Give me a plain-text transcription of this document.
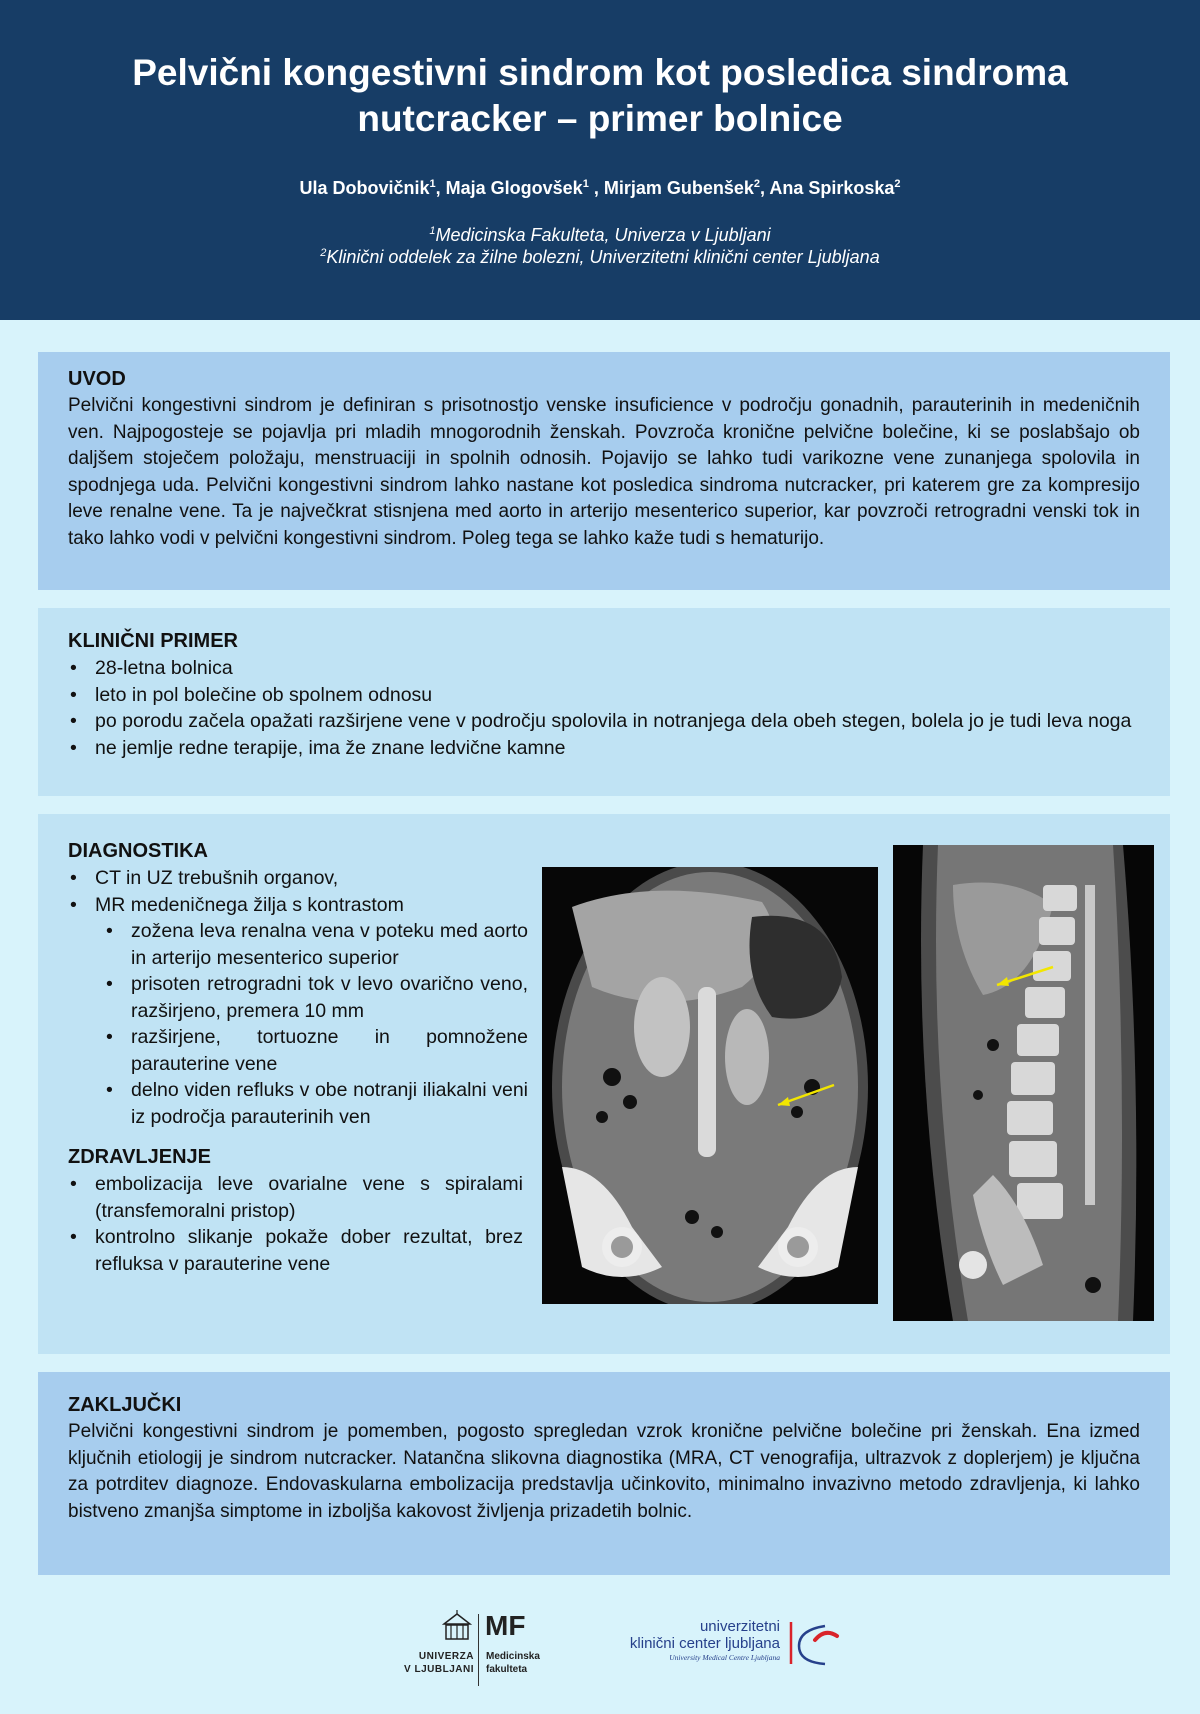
Pelvični kongestivni sindrom kot posledica sindroma
nutcracker – primer bolnice
Ula Dobovičnik$^1$, Maja Glogovšek$^1$ , Mirjam Gubenšek$^2$, Ana Spirkoska$^2$
$^1$Medicinska Fakulteta, Univerza v Ljubljani
$^2$Klinični oddelek za žilne bolezni, Univerzitetni klinični center Ljubljana
UVOD

Pelvični kongestivni sindrom je definiran s prisotnostjo venske insuficience v področju gonadnih, parauterinih in medeničnih ven. Najpogosteje se pojavlja pri mladih mnogorodnih ženskah. Povzroča kronične pelvične bolečine, ki se poslabšajo ob daljšem stoječem položaju, menstruaciji in spolnih odnosih. Pojavijo se lahko tudi varikozne vene zunanjega spolovila in spodnjega uda. Pelvični kongestivni sindrom lahko nastane kot posledica sindroma nutcracker, pri katerem gre za kompresijo leve renalne vene. Ta je največkrat stisnjena med aorto in arterijo mesenterico superior, kar povzroči retrogradni venski tok in tako lahko vodi v pelvični kongestivni sindrom. Poleg tega se lahko kaže tudi s hematurijo.

KLINIČNI PRIMER
• 28-letna bolnica
• leto in pol bolečine ob spolnem odnosu
• po porodu začela opažati razširjene vene v področju spolovila in notranjega dela obeh stegen, bolela jo je tudi leva noga
• ne jemlje redne terapije, ima že znane ledvične kamne
DIAGNOSTIKA
• CT in UZ trebušnih organov,
• MR medeničnega žilja s kontrastom
• zožena leva renalna vena v poteku med aorto in arterijo mesenterico superior
• prisoten retrogradni tok v levo ovarično veno, razširjeno, premera 10 mm
• razširjene, tortuozne in pomnožene parauterine vene
• delno viden refluks v obe notranji iliakalni veni iz področja parauterinih ven
ZDRAVLJENJE
• embolizacija leve ovarialne vene s spiralami (transfemoralni pristop)
• kontrolno slikanje pokaže dober rezultat, brez refluksa v parauterine vene
ZAKLJUČKI

Pelvični kongestivni sindrom je pomemben, pogosto spregledan vzrok kronične pelvične bolečine pri ženskah. Ena izmed ključnih etiologij je sindrom nutcracker. Natančna slikovna diagnostika (MRA, CT venografija, ultrazvok z doplerjem) je ključna za potrditev diagnoze. Endovaskularna embolizacija predstavlja učinkovito, minimalno invazivno metodo zdravljenja, ki lahko bistveno zmanjša simptome in izboljša kakovost življenja prizadetih bolnic.

UNIVERZA
V LJUBLJANI
MF
Medicinska
fakulteta
univerzitetni
klinični center ljubljana
University Medical Centre Ljubljana
